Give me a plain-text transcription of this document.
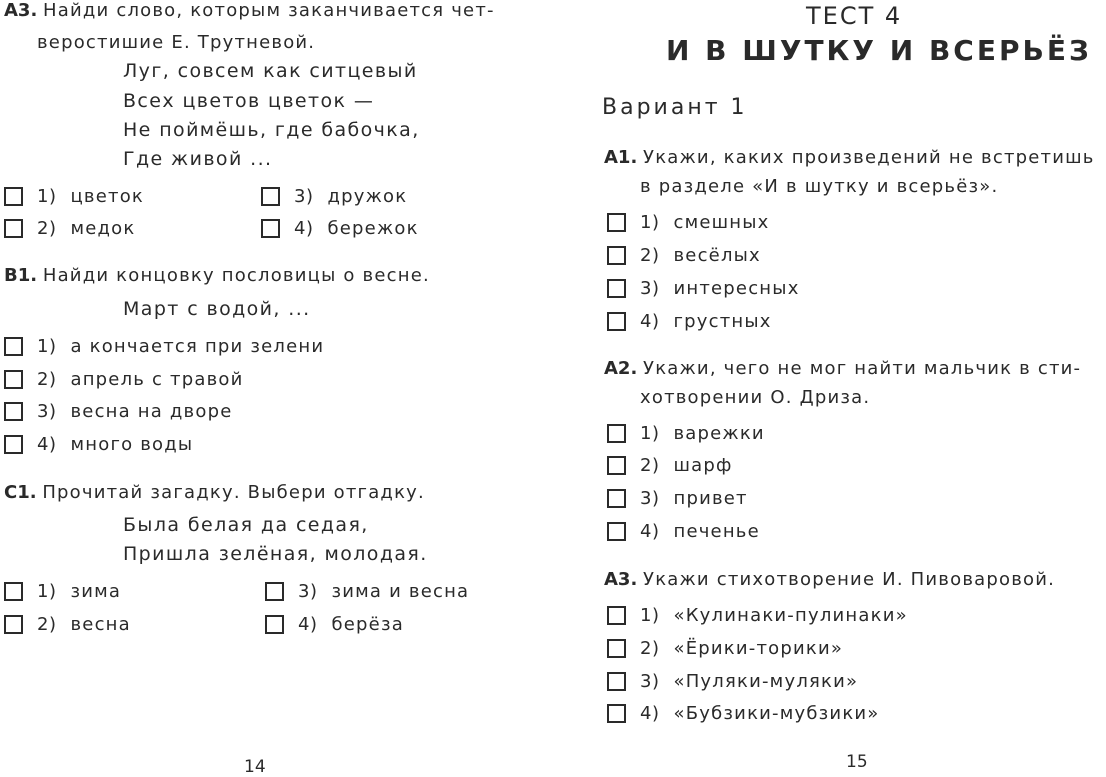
А3. Найди слово, которым заканчивается чет-
веростишие Е. Трутневой.
Луг, совсем как ситцевый
Всех цветов цветок —
Не поймёшь, где бабочка,
Где живой ...
1) цветок	3) дружок
2) медок	4) бережок
В1. Найди концовку пословицы о весне.
Март с водой, ...
1) а кончается при зелени
2) апрель с травой
3) весна на дворе
4) много воды
С1. Прочитай загадку. Выбери отгадку.
Была белая да седая,
Пришла зелёная, молодая.
1) зима	3) зима и весна
2) весна	4) берёза
14
ТЕСТ 4
И В ШУТКУ И ВСЕРЬЁЗ
Вариант 1
А1. Укажи, каких произведений не встретишь
в разделе «И в шутку и всерьёз».
1) смешных
2) весёлых
3) интересных
4) грустных
А2. Укажи, чего не мог найти мальчик в сти-
хотворении О. Дриза.
1) варежки
2) шарф
3) привет
4) печенье
А3. Укажи стихотворение И. Пивоваровой.
1) «Кулинаки-пулинаки»
2) «Ёрики-торики»
3) «Пуляки-муляки»
4) «Бубзики-мубзики»
15
